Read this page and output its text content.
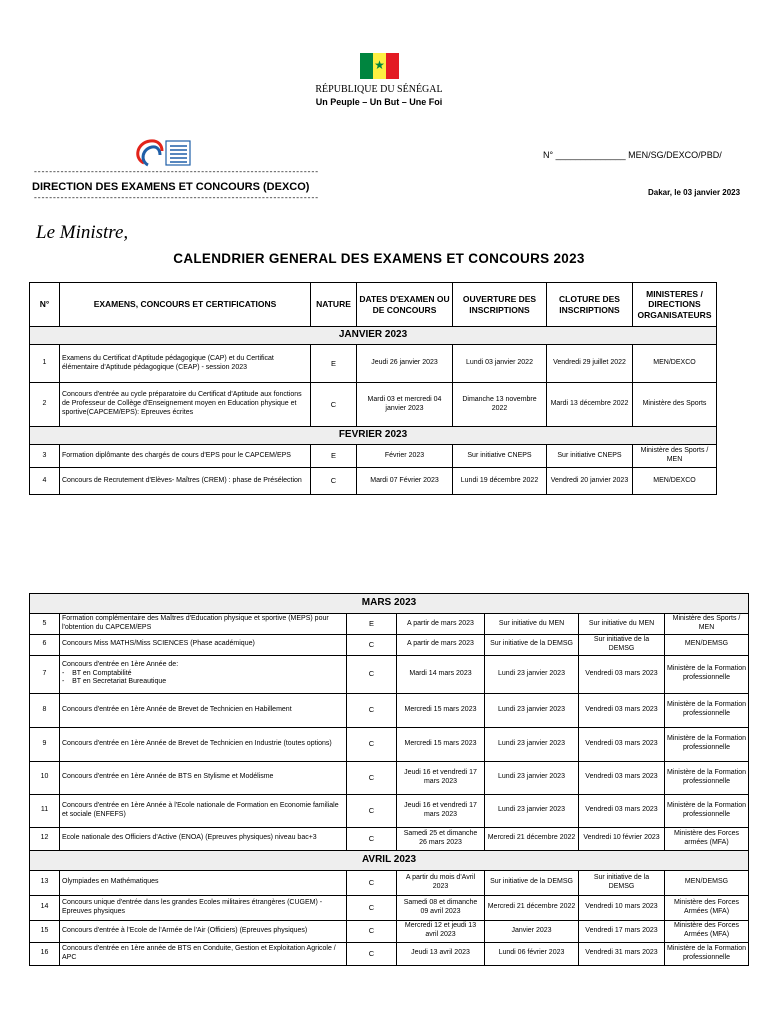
★
RÉPUBLIQUE DU SÉNÉGAL
Un Peuple – Un But – Une Foi
---------------------------------------------------------------------------
DIRECTION DES EXAMENS ET CONCOURS (DEXCO)
---------------------------------------------------------------------------
N° ______________ MEN/SG/DEXCO/PBD/
Dakar, le 03 janvier 2023
Le Ministre,
CALENDRIER GENERAL DES EXAMENS ET CONCOURS 2023
N°	EXAMENS, CONCOURS ET CERTIFICATIONS	NATURE	DATES D'EXAMEN OU DE CONCOURS	OUVERTURE DES INSCRIPTIONS	CLOTURE DES INSCRIPTIONS	MINISTERES / DIRECTIONS ORGANISATEURS
JANVIER 2023						
1	Examens du Certificat d'Aptitude pédagogique (CAP) et du Certificat élémentaire d'Aptitude pédagogique (CEAP) - session 2023	E	Jeudi 26 janvier 2023	Lundi 03 janvier 2022	Vendredi 29 juillet 2022	MEN/DEXCO
2	Concours d'entrée au cycle préparatoire du Certificat d'Aptitude aux fonctions de Professeur de Collège d'Enseignement moyen en Education physique et sportive(CAPCEM/EPS): Epreuves écrites	C	Mardi 03 et mercredi 04 janvier 2023	Dimanche 13 novembre 2022	Mardi 13 décembre 2022	Ministère des Sports
FEVRIER 2023						
3	Formation diplômante des chargés de cours d'EPS pour le CAPCEM/EPS	E	Février 2023	Sur initiative CNEPS	Sur initiative CNEPS	Ministère des Sports / MEN
4	Concours de Recrutement d'Elèves- Maîtres (CREM) : phase de Présélection	C	Mardi 07 Février 2023	Lundi 19 décembre 2022	Vendredi 20 janvier 2023	MEN/DEXCO
MARS 2023						
5	Formation complémentaire des Maîtres d'Education physique et sportive (MEPS) pour l'obtention du CAPCEM/EPS	E	A partir de mars 2023	Sur initiative du MEN	Sur initiative du MEN	Ministère des Sports / MEN
6	Concours Miss MATHS/Miss SCIENCES (Phase académique)	C	A partir de mars 2023	Sur initiative de la DEMSG	Sur initiative de la DEMSG	MEN/DEMSG
7	Concours d'entrée en 1ère Année de:
-    BT en Comptabilité
-    BT en Secretariat Bureautique	C	Mardi 14 mars 2023	Lundi 23 janvier 2023	Vendredi 03 mars 2023	Ministère de la Formation professionnelle
8	Concours d'entrée en 1ère Année de Brevet de Technicien en Habillement	C	Mercredi 15 mars 2023	Lundi 23 janvier 2023	Vendredi 03 mars 2023	Ministère de la Formation professionnelle
9	Concours d'entrée en 1ère Année de Brevet de Technicien en Industrie (toutes options)	C	Mercredi 15 mars 2023	Lundi 23 janvier 2023	Vendredi 03 mars 2023	Ministère de la Formation professionnelle
10	Concours d'entrée en 1ère Année de BTS en Stylisme et Modélisme	C	Jeudi 16 et vendredi 17 mars 2023	Lundi 23 janvier 2023	Vendredi 03 mars 2023	Ministère de la Formation professionnelle
11	Concours d'entrée en 1ère Année à l'Ecole nationale de Formation en Economie familiale et sociale (ENFEFS)	C	Jeudi 16 et vendredi 17 mars 2023	Lundi 23 janvier 2023	Vendredi 03 mars 2023	Ministère de la Formation professionnelle
12	Ecole nationale des Officiers d'Active (ENOA) (Epreuves physiques) niveau bac+3	C	Samedi 25 et dimanche 26 mars 2023	Mercredi 21 décembre 2022	Vendredi 10 février 2023	Ministère des Forces armées (MFA)
AVRIL 2023						
13	Olympiades en Mathématiques	C	A partir du mois d'Avril 2023	Sur initiative de la DEMSG	Sur initiative de la DEMSG	MEN/DEMSG
14	Concours unique d'entrée dans les grandes Ecoles militaires étrangères (CUGEM) - Epreuves physiques	C	Samedi 08 et dimanche 09 avril 2023	Mercredi 21 décembre 2022	Vendredi 10 mars 2023	Ministère des Forces Armées (MFA)
15	Concours d'entrée à l'Ecole de l'Armée de l'Air (Officiers) (Epreuves physiques)	C	Mercredi 12 et jeudi 13 avril 2023	Janvier 2023	Vendredi 17 mars 2023	Ministère des Forces Armées (MFA)
16	Concours d'entrée en 1ère année de BTS en Conduite, Gestion et Exploitation Agricole / APC	C	Jeudi 13 avril 2023	Lundi 06 février 2023	Vendredi 31 mars 2023	Ministère de la Formation professionnelle
